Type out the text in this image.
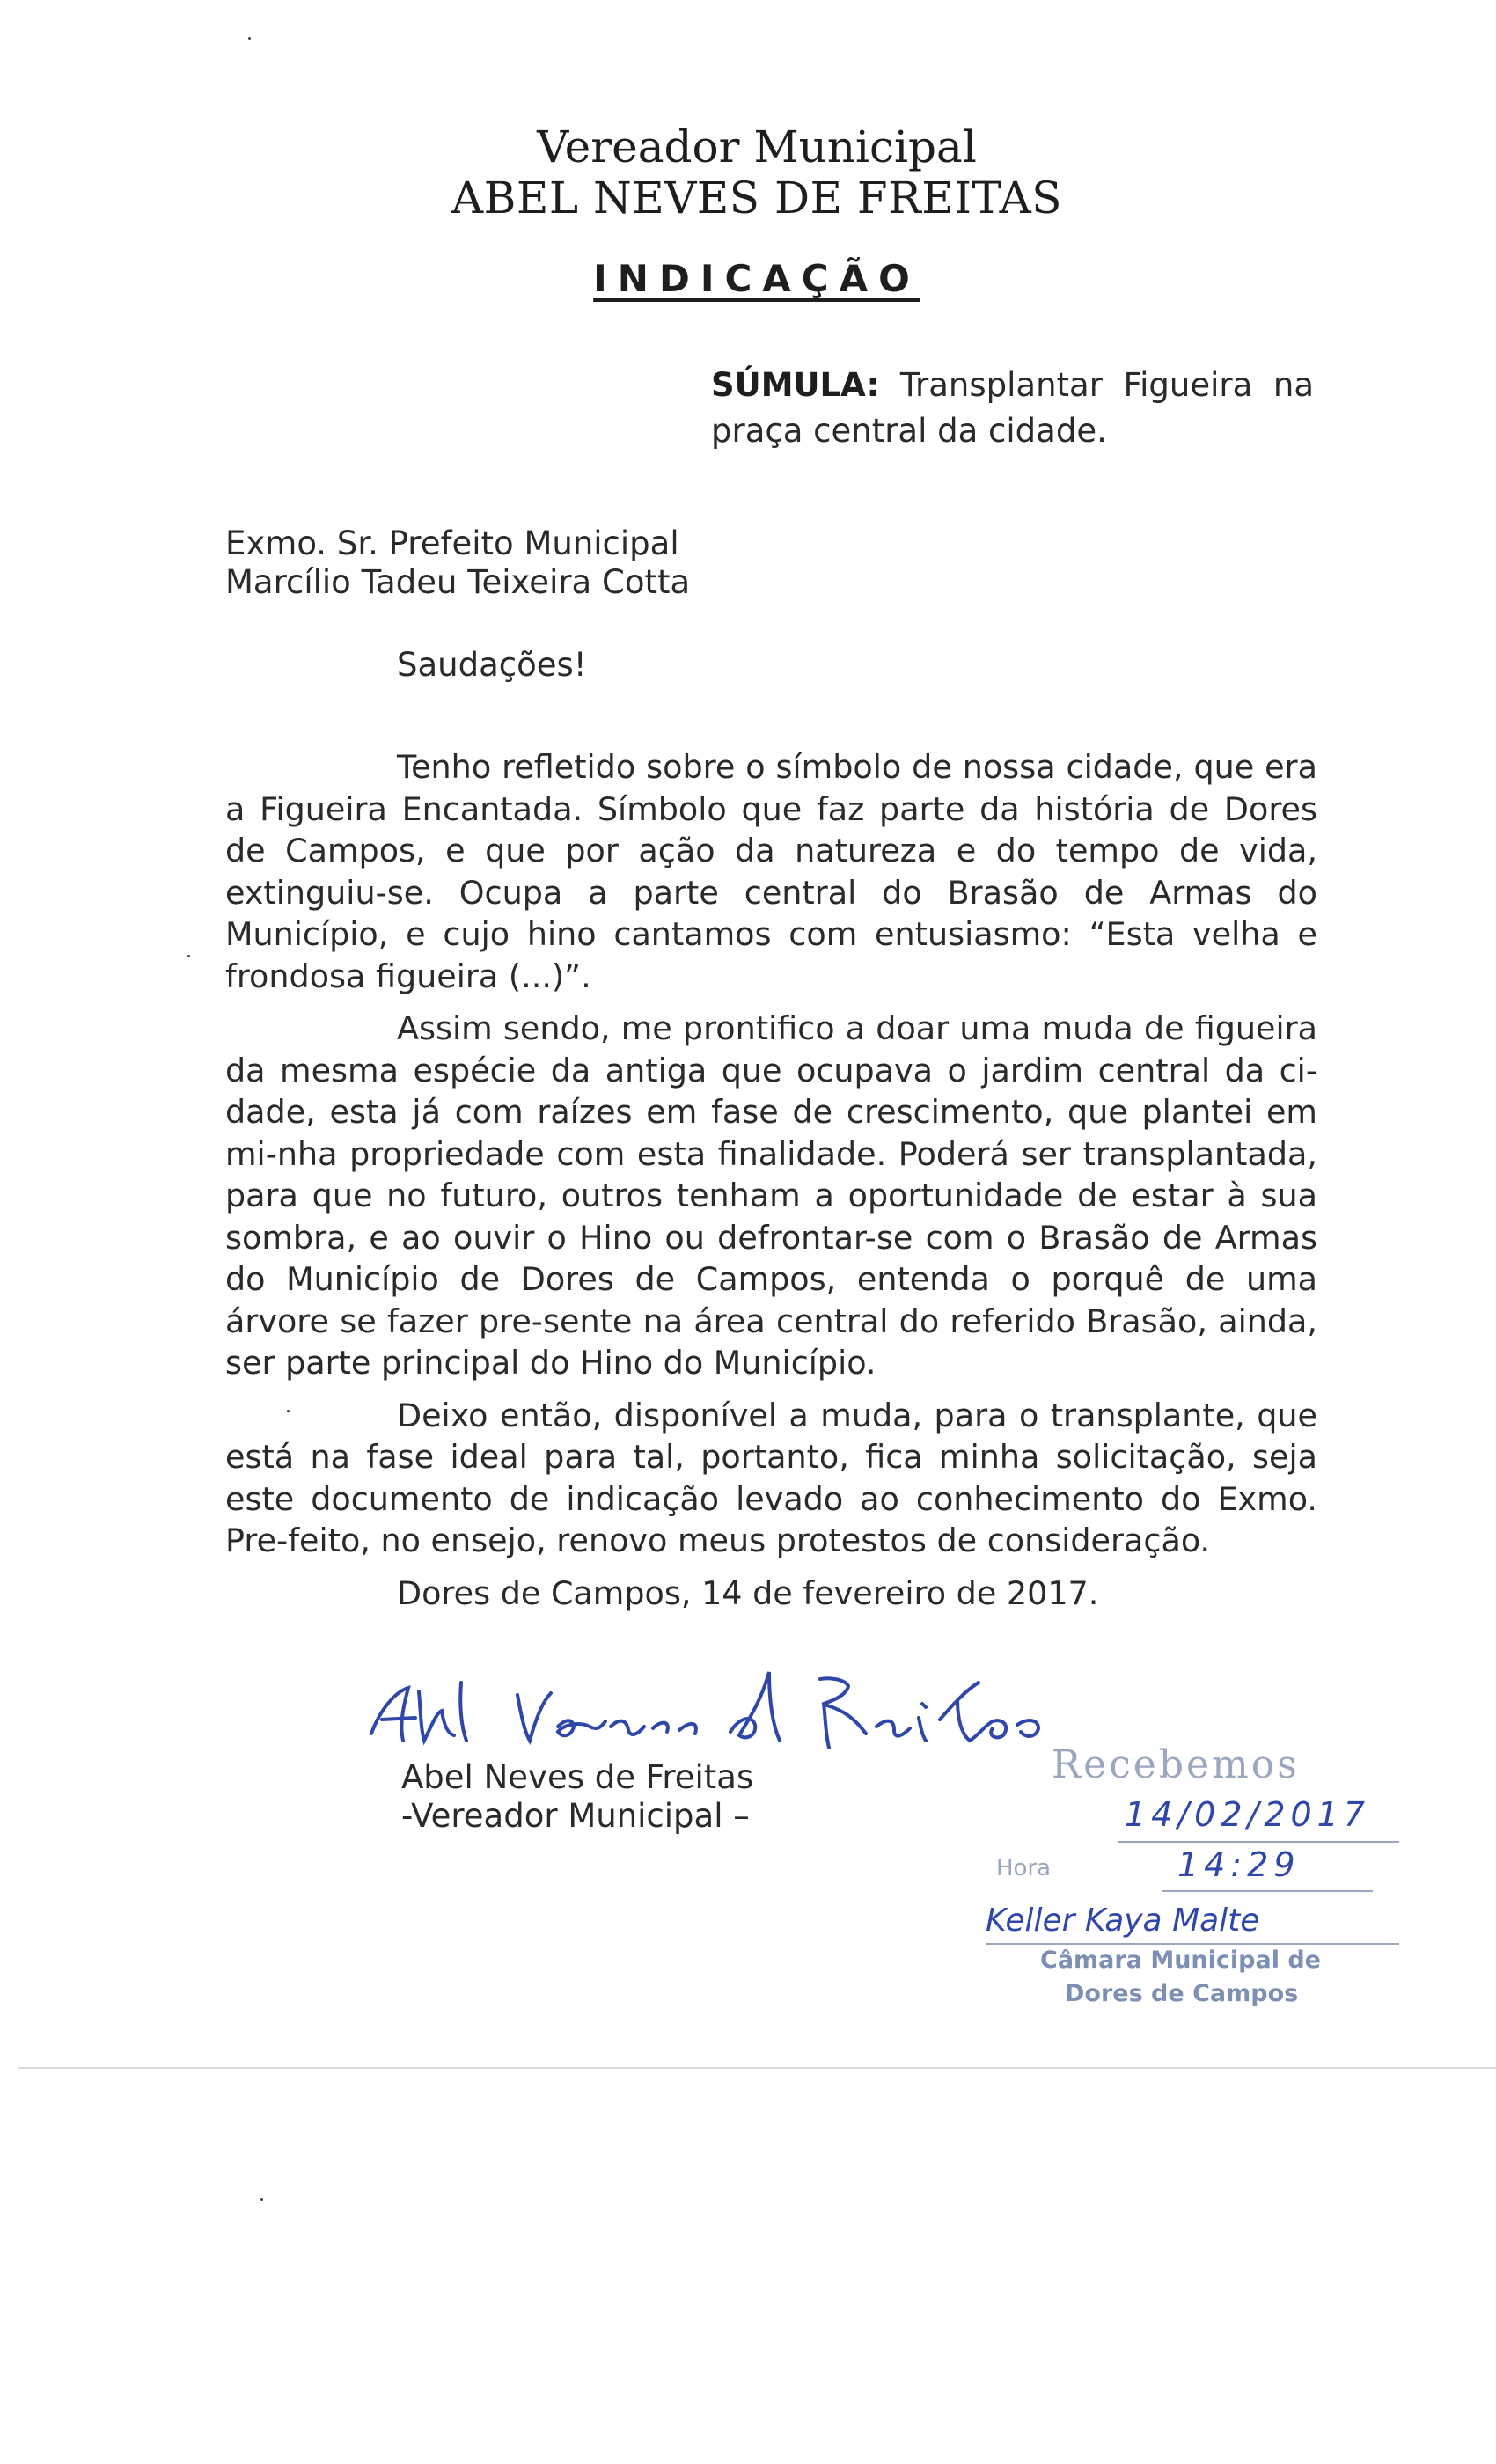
Vereador Municipal
ABEL NEVES DE FREITAS
INDICAÇÃO
SÚMULA: Transplantar Figueira na praça central da cidade.
Exmo. Sr. Prefeito Municipal
Marcílio Tadeu Teixeira Cotta
Saudações!

Tenho refletido sobre o símbolo de nossa cidade, que era a Figueira Encantada. Símbolo que faz parte da história de Dores de Campos, e que por ação da natureza e do tempo de vida, extinguiu-se. Ocupa a parte central do Brasão de Armas do Município, e cujo hino cantamos com entusiasmo: “Esta velha e frondosa figueira (...)”.

Assim sendo, me prontifico a doar uma muda de figueira da mesma espécie da antiga que ocupava o jardim central da ci-dade, esta já com raízes em fase de crescimento, que plantei em mi-nha propriedade com esta finalidade. Poderá ser transplantada, para que no futuro, outros tenham a oportunidade de estar à sua sombra, e ao ouvir o Hino ou defrontar-se com o Brasão de Armas do Município de Dores de Campos, entenda o porquê de uma árvore se fazer pre-sente na área central do referido Brasão, ainda, ser parte principal do Hino do Município.

Deixo então, disponível a muda, para o transplante, que está na fase ideal para tal, portanto, fica minha solicitação, seja este documento de indicação levado ao conhecimento do Exmo. Pre-feito, no ensejo, renovo meus protestos de consideração.

Dores de Campos, 14 de fevereiro de 2017.

Abel Neves de Freitas
-Vereador Municipal –
Recebemos
14/02/2017
Hora	14:29
Keller Kaya Malte
Câmara Municipal de
Dores de Campos
